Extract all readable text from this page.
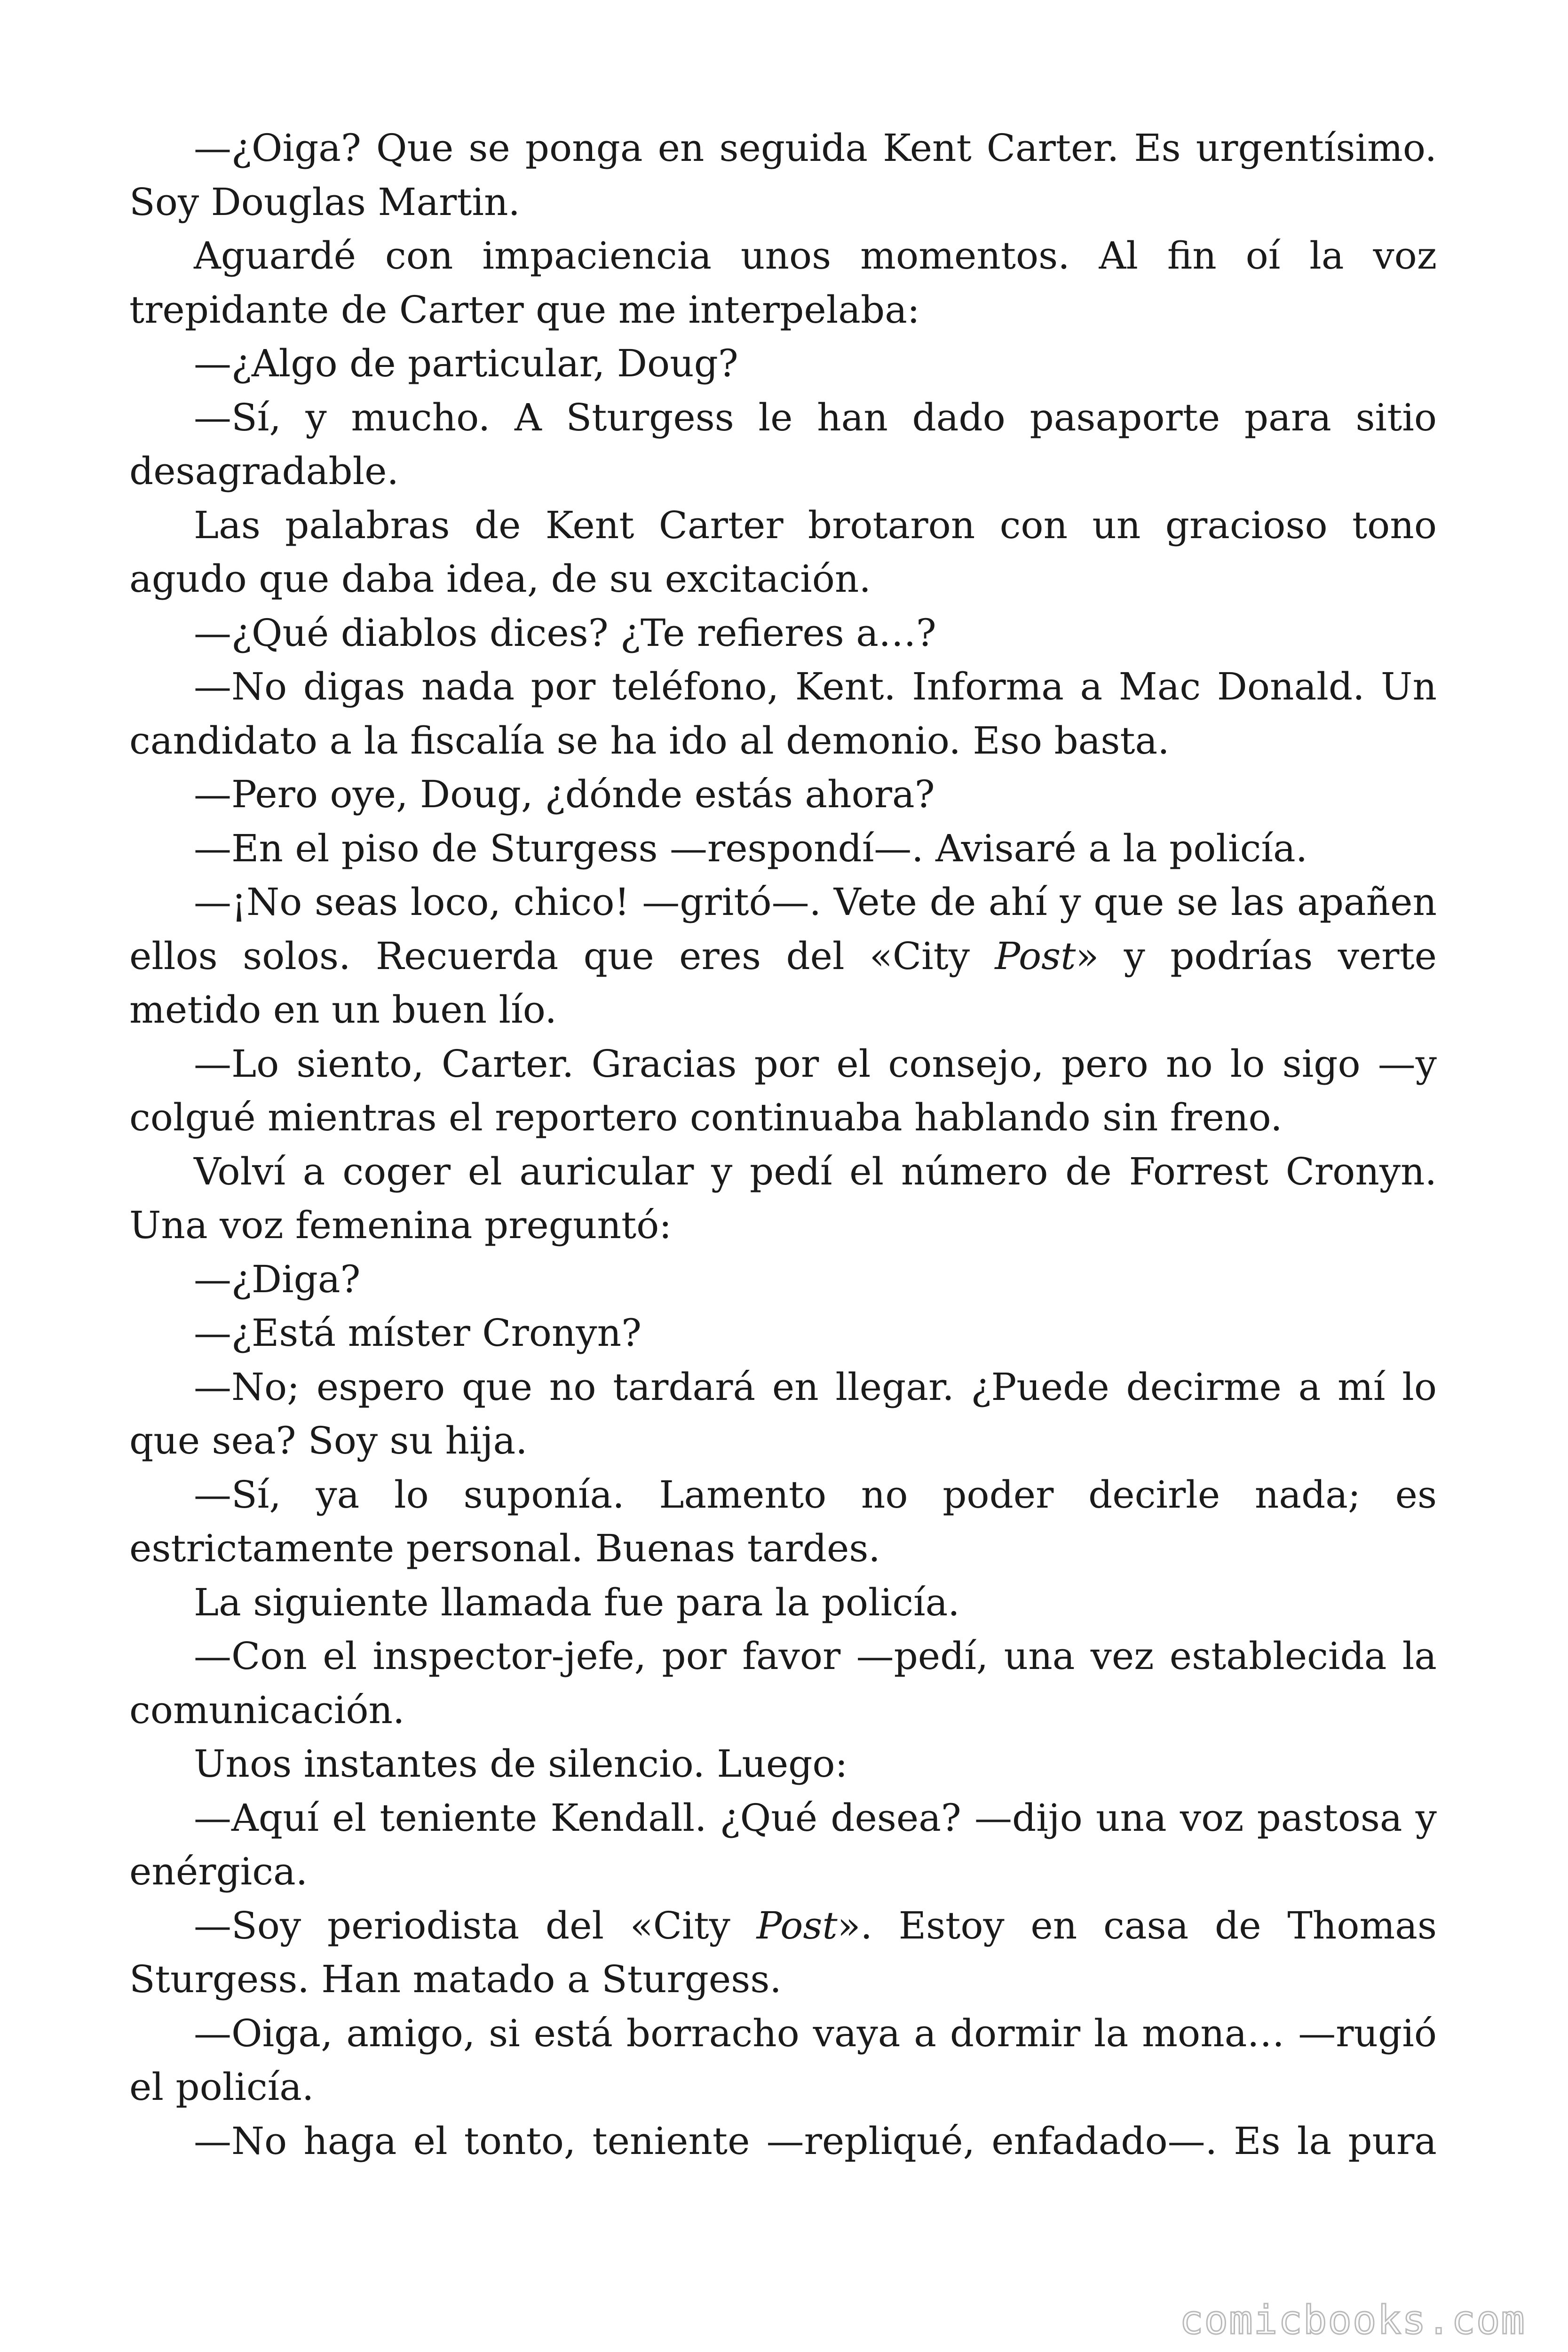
—¿Oiga? Que se ponga en seguida Kent Carter. Es urgentísimo. Soy Douglas Martin.

Aguardé con impaciencia unos momentos. Al fin oí la voz trepidante de Carter que me interpelaba:

—¿Algo de particular, Doug?

—Sí, y mucho. A Sturgess le han dado pasaporte para sitio desagradable.

Las palabras de Kent Carter brotaron con un gracioso tono agudo que daba idea, de su excitación.

—¿Qué diablos dices? ¿Te refieres a…?

—No digas nada por teléfono, Kent. Informa a Mac Donald. Un candidato a la fiscalía se ha ido al demonio. Eso basta.

—Pero oye, Doug, ¿dónde estás ahora?

—En el piso de Sturgess —respondí—. Avisaré a la policía.

—¡No seas loco, chico! —gritó—. Vete de ahí y que se las apañen ellos solos. Recuerda que eres del «City Post» y podrías verte metido en un buen lío.

—Lo siento, Carter. Gracias por el consejo, pero no lo sigo —y colgué mientras el reportero continuaba hablando sin freno.

Volví a coger el auricular y pedí el número de Forrest Cronyn. Una voz femenina preguntó:

—¿Diga?

—¿Está míster Cronyn?

—No; espero que no tardará en llegar. ¿Puede decirme a mí lo que sea? Soy su hija.

—Sí, ya lo suponía. Lamento no poder decirle nada; es estrictamente personal. Buenas tardes.

La siguiente llamada fue para la policía.

—Con el inspector-jefe, por favor —pedí, una vez establecida la comunicación.

Unos instantes de silencio. Luego:

—Aquí el teniente Kendall. ¿Qué desea? —dijo una voz pastosa y enérgica.

—Soy periodista del «City Post». Estoy en casa de Thomas Sturgess. Han matado a Sturgess.

—Oiga, amigo, si está borracho vaya a dormir la mona… —rugió el policía.

—No haga el tonto, teniente —repliqué, enfadado—. Es la pura

comicbooks.com
